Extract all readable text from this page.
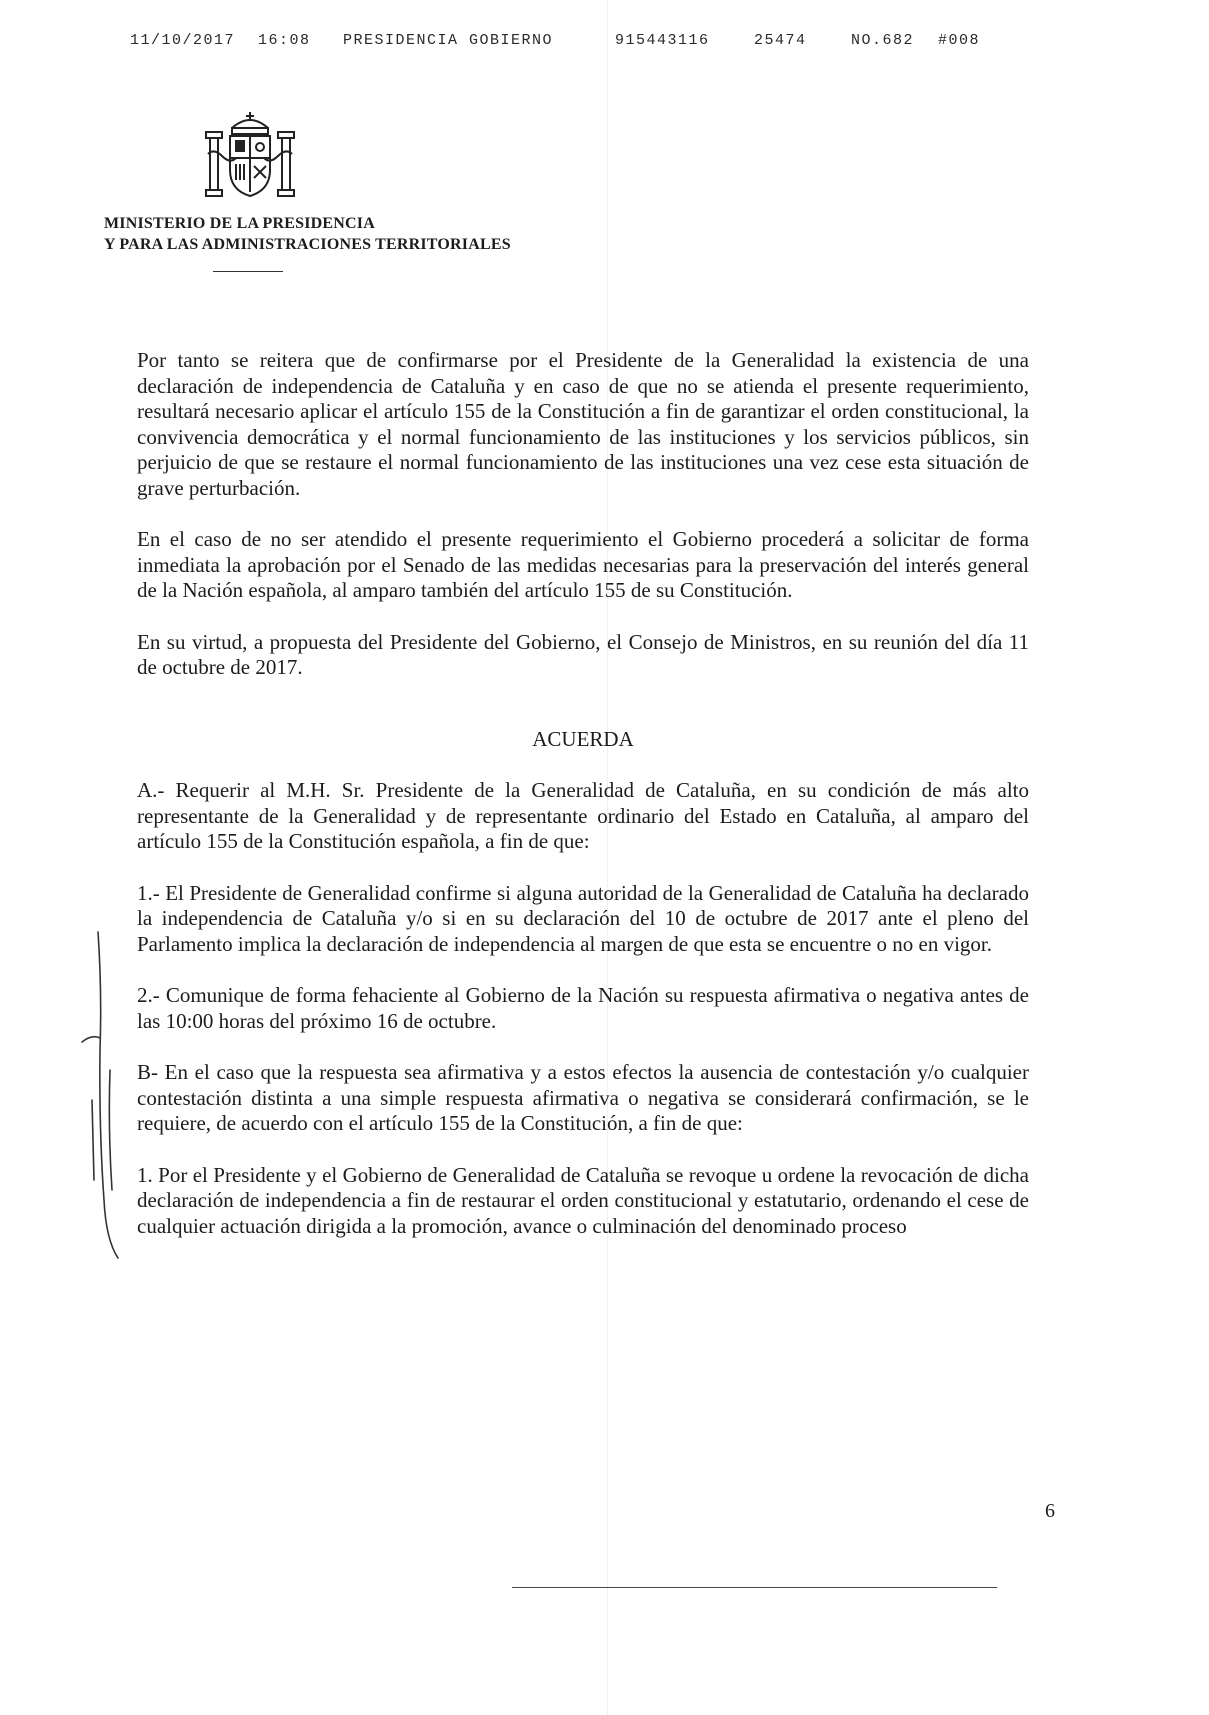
11/10/2017

16:08

PRESIDENCIA GOBIERNO

	915443116

	25474

	NO.682

#008

MINISTERIO DE LA PRESIDENCIA
Y PARA LAS ADMINISTRACIONES TERRITORIALES

Por tanto se reitera que de confirmarse por el Presidente de la Generalidad la existencia de una declaración de independencia de Cataluña y en caso de que no se atienda el presente requerimiento, resultará necesario aplicar el artículo 155 de la Constitución a fin de garantizar el orden constitucional, la convivencia democrática y el normal funcionamiento de las instituciones y los servicios públicos, sin perjuicio de que se restaure el normal funcionamiento de las instituciones una vez cese esta situación de grave perturbación.

En el caso de no ser atendido el presente requerimiento el Gobierno procederá a solicitar de forma inmediata la aprobación por el Senado de las medidas necesarias para la preservación del interés general de la Nación española, al amparo también del artículo 155 de su Constitución.

En su virtud, a propuesta del Presidente del Gobierno, el Consejo de Ministros, en su reunión del día 11 de octubre de 2017.

ACUERDA

A.- Requerir al M.H. Sr. Presidente de la Generalidad de Cataluña, en su condición de más alto representante de la Generalidad y de representante ordinario del Estado en Cataluña, al amparo del artículo 155 de la Constitución española, a fin de que:

1.- El Presidente de Generalidad confirme si alguna autoridad de la Generalidad de Cataluña ha declarado la independencia de Cataluña y/o si en su declaración del 10 de octubre de 2017 ante el pleno del Parlamento implica la declaración de independencia al margen de que esta se encuentre o no en vigor.

2.- Comunique de forma fehaciente al Gobierno de la Nación su respuesta afirmativa o negativa antes de las 10:00 horas del próximo 16 de octubre.

B- En el caso que la respuesta sea afirmativa y a estos efectos la ausencia de contestación y/o cualquier contestación distinta a una simple respuesta afirmativa o negativa se considerará confirmación, se le requiere, de acuerdo con el artículo 155 de la Constitución, a fin de que:

1. Por el Presidente y el Gobierno de Generalidad de Cataluña se revoque u ordene la revocación de dicha declaración de independencia a fin de restaurar el orden constitucional y estatutario, ordenando el cese de cualquier actuación dirigida a la promoción, avance o culminación del denominado proceso

6
